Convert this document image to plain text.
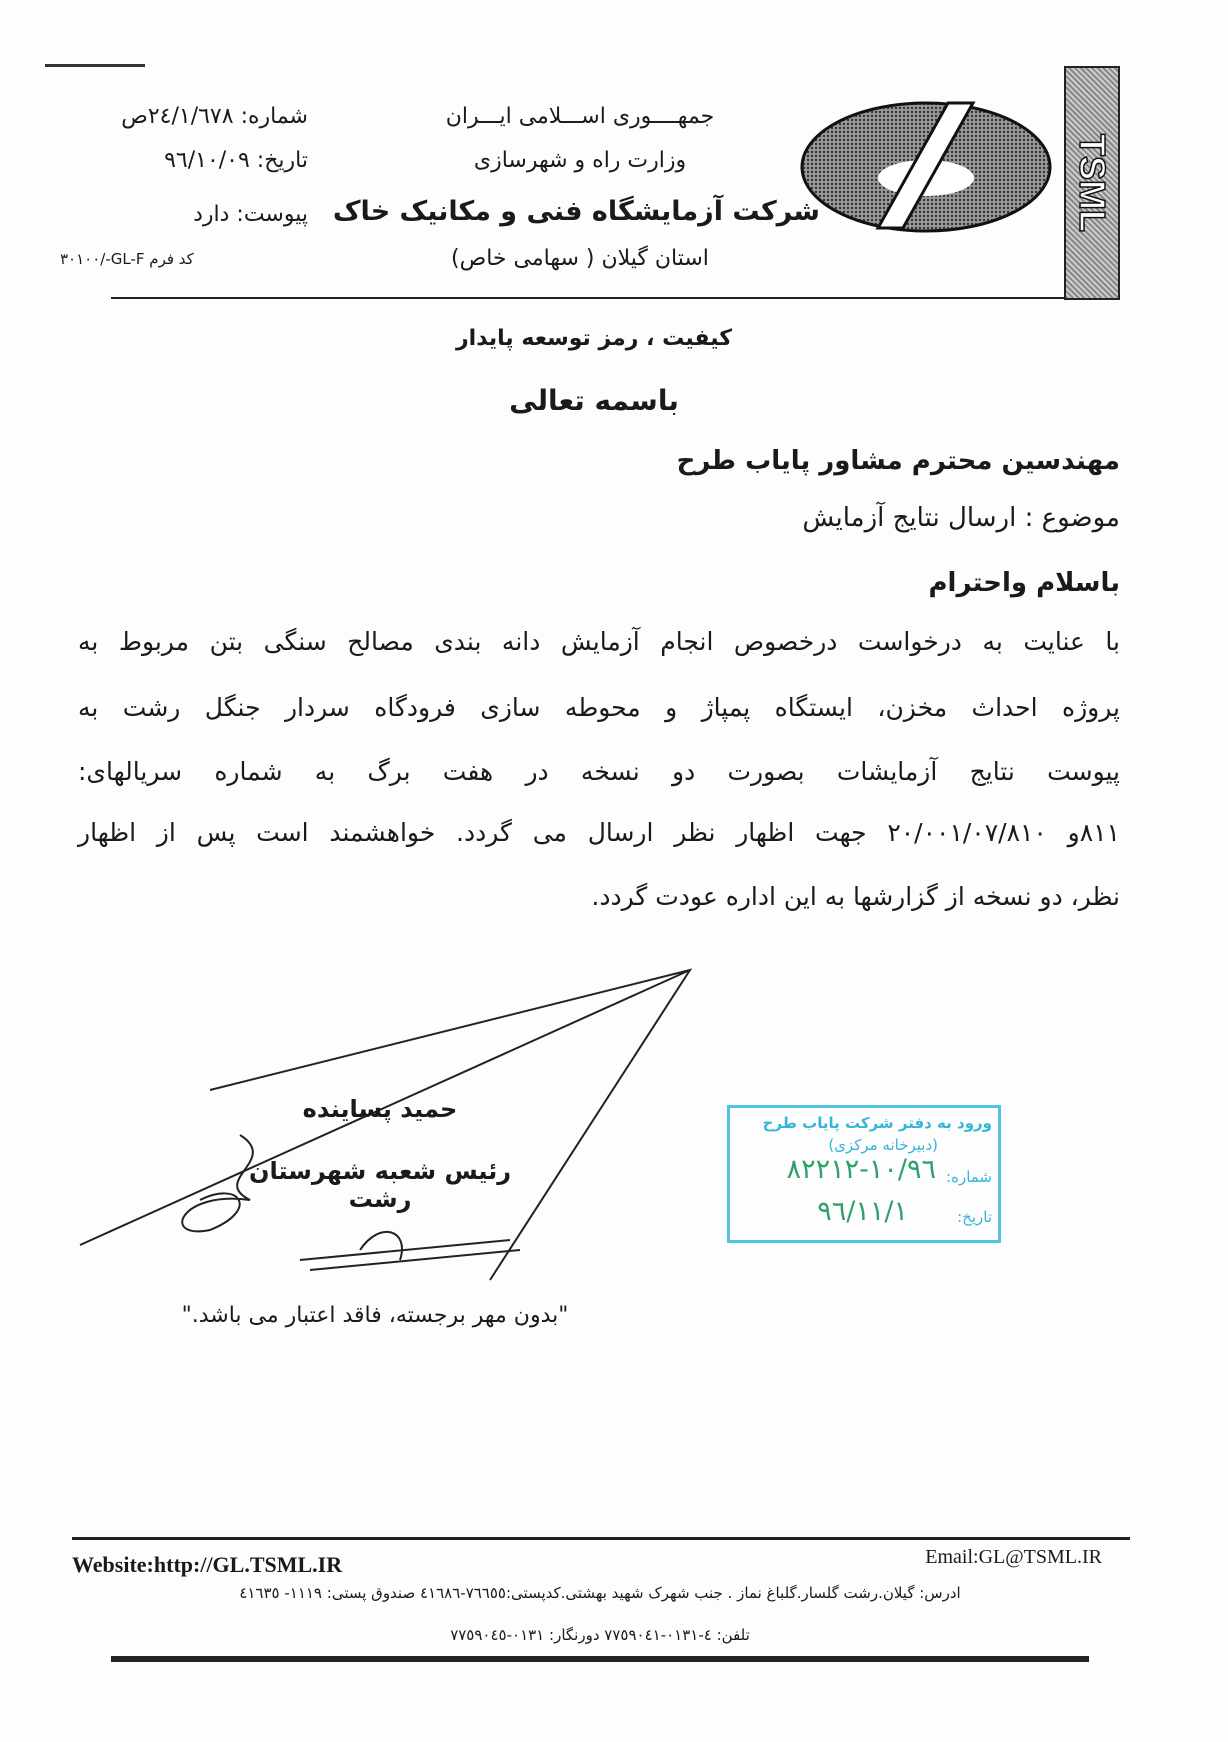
TSML
جمهــــوری اســـلامی ایـــران
وزارت راه و شهرسازی
شرکت آزمایشگاه فنی و مکانیک خاک
استان گیلان ( سهامی خاص)
شماره: ٢٤/١/٦٧٨ص
تاریخ: ٩٦/١٠/٠٩
پیوست: دارد
کد فرم GL-F-/٣٠١٠٠
کیفیت ، رمز توسعه پایدار
باسمه تعالی
مهندسین محترم مشاور پایاب طرح
موضوع : ارسال نتایج آزمایش
باسلام واحترام
با عنایت به درخواست درخصوص انجام آزمایش دانه بندی مصالح سنگی بتن مربوط به
پروژه احداث مخزن، ایستگاه پمپاژ و محوطه سازی فرودگاه سردار جنگل رشت به
پیوست نتایج آزمایشات بصورت دو نسخه در هفت برگ به شماره سریالهای:
٨١١و ٢٠/٠٠١/٠٧/٨١٠ جهت اظهار نظر ارسال می گردد. خواهشمند است پس از اظهار
نظر، دو نسخه از گزارشها به این اداره عودت گردد.
حمید پساینده
رئیس شعبه شهرستان رشت
"بدون مهر برجسته، فاقد اعتبار می باشد."
ورود به دفتر شرکت پایاب طرح
(دبیرخانه مرکزی)
شماره:
١٠/٩٦-٨٢٢١٢
تاریخ:
٩٦/١١/١
Website:http://GL.TSML.IR	Email:GL@TSML.IR
ادرس: گیلان.رشت گلسار.گلباغ نماز . جنب شهرک شهید بهشتی.کدپستی:٧٦٦٥٥-٤١٦٨٦ صندوق پستی: ١١١٩- ٤١٦٣٥
تلفن: ٤-٠١٣١-٧٧٥٩٠٤١ دورنگار: ٠١٣١-٧٧٥٩٠٤٥
